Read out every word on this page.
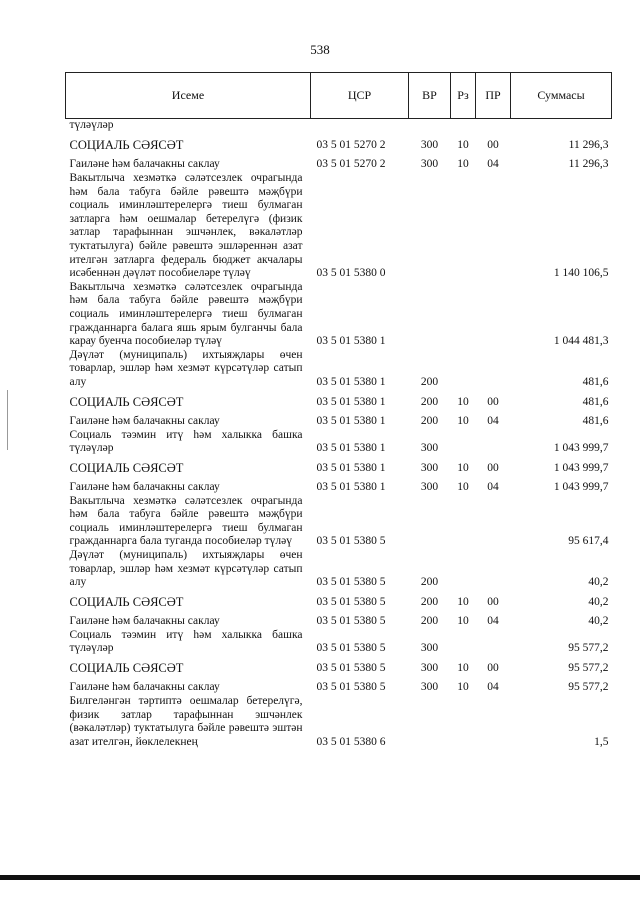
538
Исеме	ЦСР	ВР	Рз	ПР	Суммасы
түләүләр					
СОЦИАЛЬ СӘЯСӘТ	03 5 01 5270 2	300	10	00	11 296,3
Гаиләне һәм балачакны саклау	03 5 01 5270 2	300	10	04	11 296,3
Вакытлыча хезмәткә сәләтсезлек очрагында һәм бала табуга бәйле рәвештә мәҗбүри социаль иминләштерелергә тиеш булмаган затларга һәм оешмалар бетерелүгә (физик затлар тарафыннан эшчәнлек, вәкаләтләр туктатылуга) бәйле рәвештә эшләреннән азат ителгән затларга федераль бюджет акчалары исәбеннән дәүләт пособиеләре түләү	03 5 01 5380 0				1 140 106,5
Вакытлыча хезмәткә сәләтсезлек очрагында һәм бала табуга бәйле рәвештә мәҗбүри социаль иминләштерелергә тиеш булмаган гражданнарга балага яшь ярым булганчы бала карау буенча пособиеләр түләү	03 5 01 5380 1				1 044 481,3
Дәүләт (муниципаль) ихтыяҗлары өчен товарлар, эшләр һәм хезмәт күрсәтүләр сатып алу	03 5 01 5380 1	200			481,6
СОЦИАЛЬ СӘЯСӘТ	03 5 01 5380 1	200	10	00	481,6
Гаиләне һәм балачакны саклау	03 5 01 5380 1	200	10	04	481,6
Социаль тәэмин итү һәм халыкка башка түләүләр	03 5 01 5380 1	300			1 043 999,7
СОЦИАЛЬ СӘЯСӘТ	03 5 01 5380 1	300	10	00	1 043 999,7
Гаиләне һәм балачакны саклау	03 5 01 5380 1	300	10	04	1 043 999,7
Вакытлыча хезмәткә сәләтсезлек очрагында һәм бала табуга бәйле рәвештә мәҗбүри социаль иминләштерелергә тиеш булмаган гражданнарга бала туганда пособиеләр түләү	03 5 01 5380 5				95 617,4
Дәүләт (муниципаль) ихтыяҗлары өчен товарлар, эшләр һәм хезмәт күрсәтүләр сатып алу	03 5 01 5380 5	200			40,2
СОЦИАЛЬ СӘЯСӘТ	03 5 01 5380 5	200	10	00	40,2
Гаиләне һәм балачакны саклау	03 5 01 5380 5	200	10	04	40,2
Социаль тәэмин итү һәм халыкка башка түләүләр	03 5 01 5380 5	300			95 577,2
СОЦИАЛЬ СӘЯСӘТ	03 5 01 5380 5	300	10	00	95 577,2
Гаиләне һәм балачакны саклау	03 5 01 5380 5	300	10	04	95 577,2
Билгеләнгән тәртиптә оешмалар бетерелүгә, физик затлар тарафыннан эшчәнлек (вәкаләтләр) туктатылуга бәйле рәвештә эштән азат ителгән, йөклелекнең	03 5 01 5380 6				1,5
